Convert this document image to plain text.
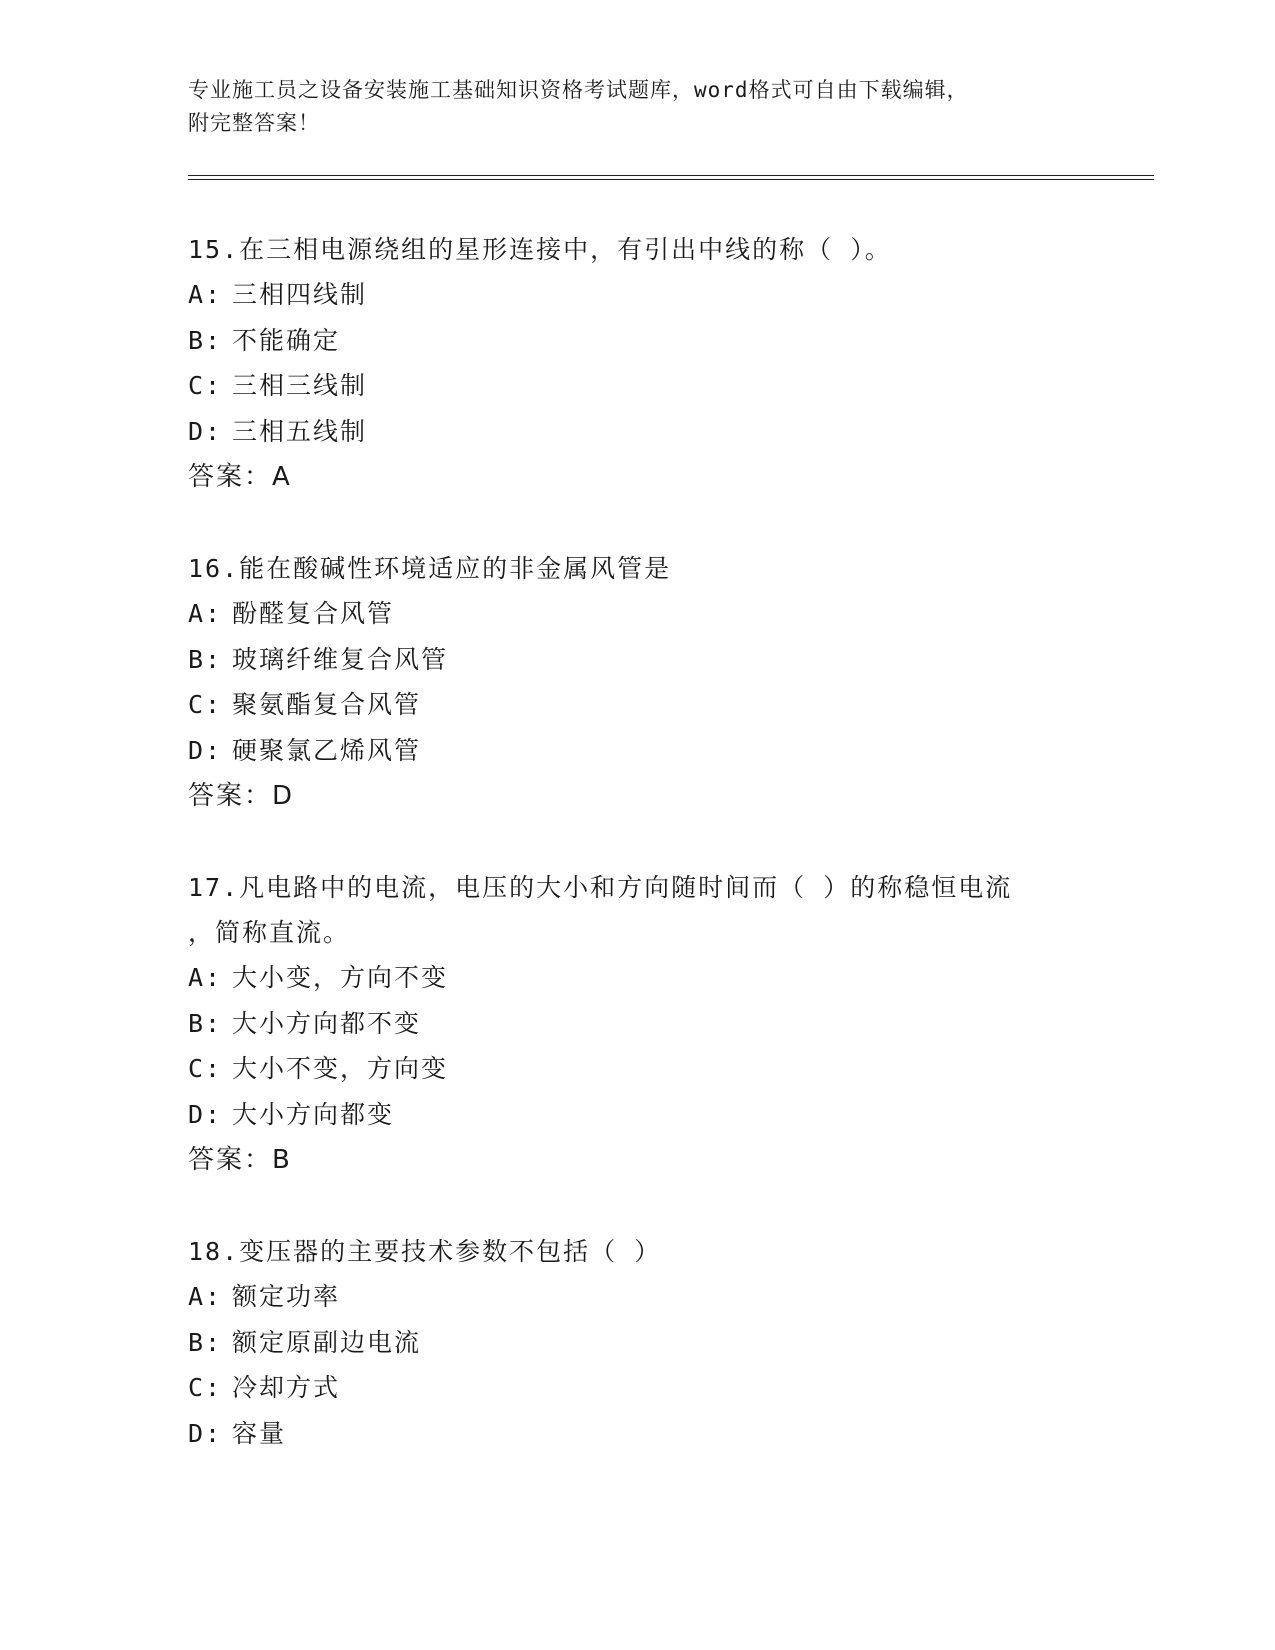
专业施工员之设备安装施工基础知识资格考试题库，word格式可自由下载编辑，
附完整答案！

15.在三相电源绕组的星形连接中，有引出中线的称（ ）。

A: 三相四线制

B: 不能确定

C: 三相三线制

D: 三相五线制

答案：A

16.能在酸碱性环境适应的非金属风管是

A: 酚醛复合风管

B: 玻璃纤维复合风管

C: 聚氨酯复合风管

D: 硬聚氯乙烯风管

答案：D

17.凡电路中的电流，电压的大小和方向随时间而（ ）的称稳恒电流

，简称直流。

A: 大小变，方向不变

B: 大小方向都不变

C: 大小不变，方向变

D: 大小方向都变

答案：B

18.变压器的主要技术参数不包括（ ）

A: 额定功率

B: 额定原副边电流

C: 冷却方式

D: 容量
